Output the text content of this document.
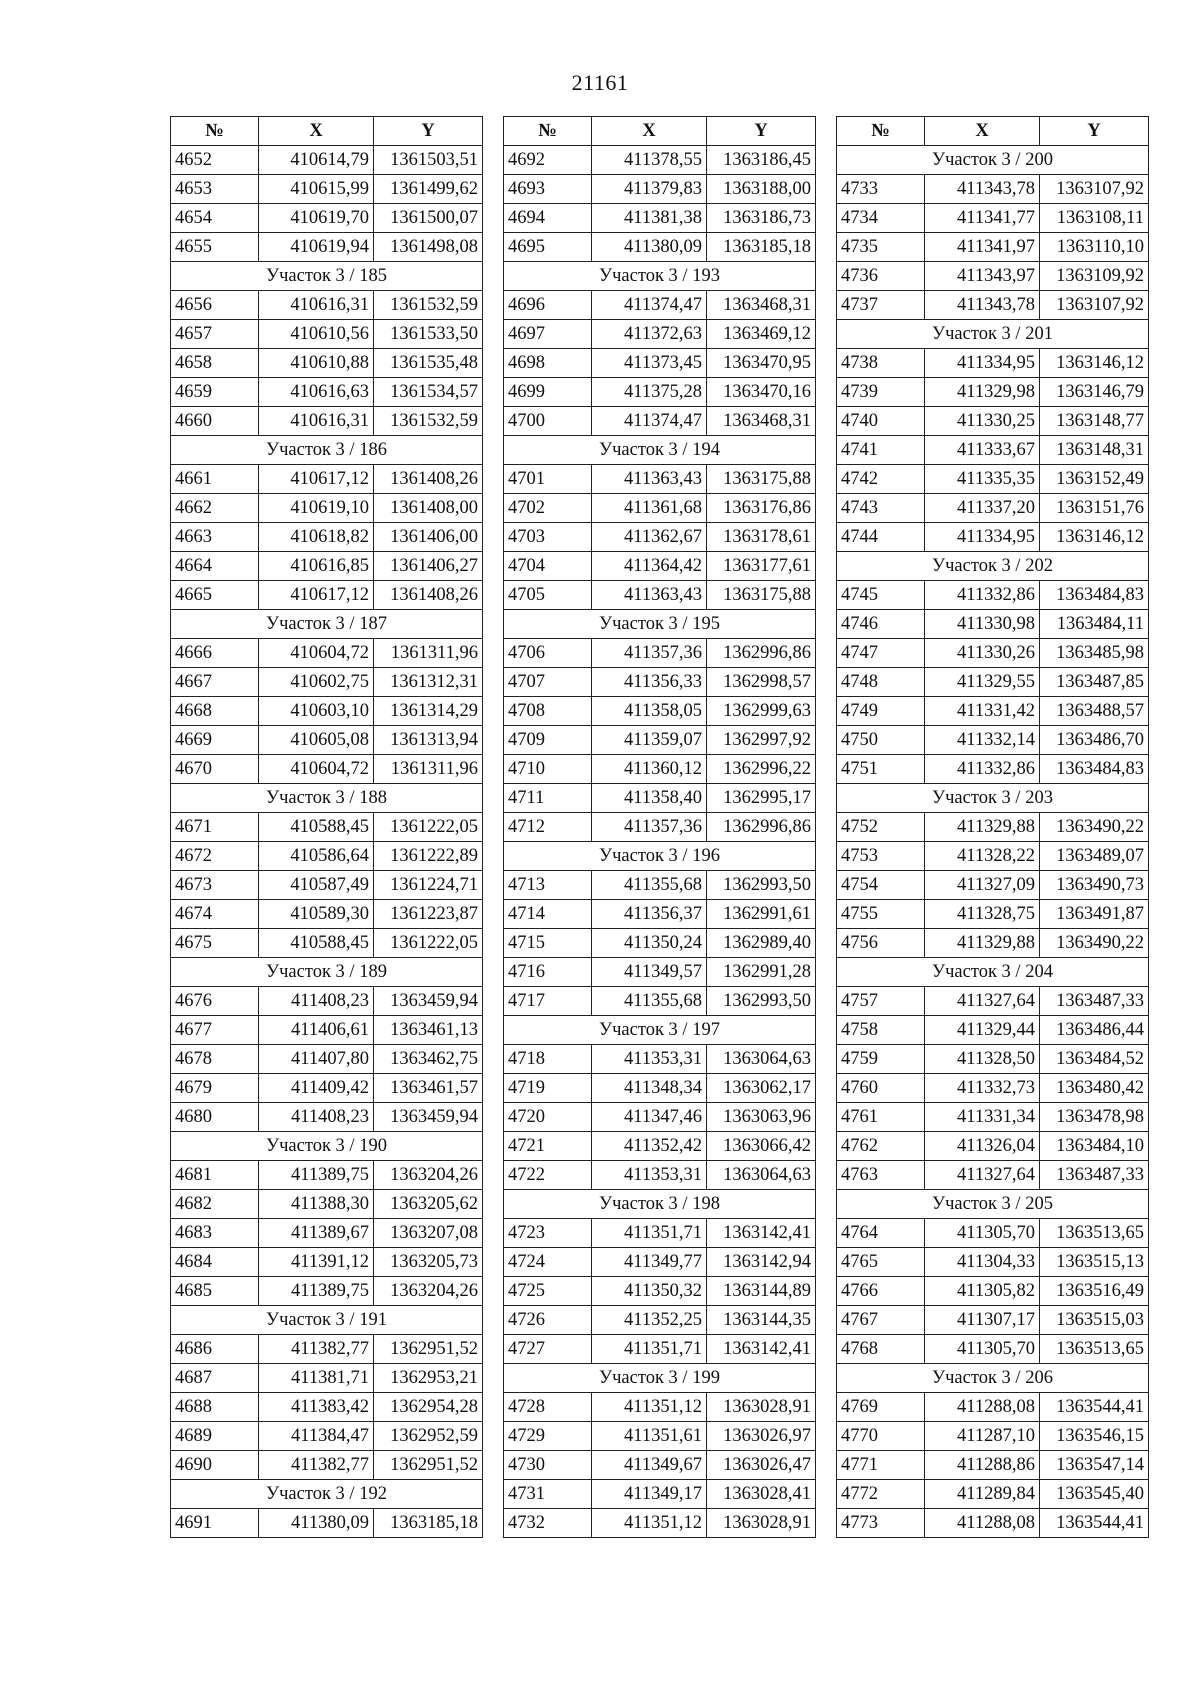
21161
№	X	Y
4652	410614,79	1361503,51
4653	410615,99	1361499,62
4654	410619,70	1361500,07
4655	410619,94	1361498,08
Участок 3 / 185		
4656	410616,31	1361532,59
4657	410610,56	1361533,50
4658	410610,88	1361535,48
4659	410616,63	1361534,57
4660	410616,31	1361532,59
Участок 3 / 186		
4661	410617,12	1361408,26
4662	410619,10	1361408,00
4663	410618,82	1361406,00
4664	410616,85	1361406,27
4665	410617,12	1361408,26
Участок 3 / 187		
4666	410604,72	1361311,96
4667	410602,75	1361312,31
4668	410603,10	1361314,29
4669	410605,08	1361313,94
4670	410604,72	1361311,96
Участок 3 / 188		
4671	410588,45	1361222,05
4672	410586,64	1361222,89
4673	410587,49	1361224,71
4674	410589,30	1361223,87
4675	410588,45	1361222,05
Участок 3 / 189		
4676	411408,23	1363459,94
4677	411406,61	1363461,13
4678	411407,80	1363462,75
4679	411409,42	1363461,57
4680	411408,23	1363459,94
Участок 3 / 190		
4681	411389,75	1363204,26
4682	411388,30	1363205,62
4683	411389,67	1363207,08
4684	411391,12	1363205,73
4685	411389,75	1363204,26
Участок 3 / 191		
4686	411382,77	1362951,52
4687	411381,71	1362953,21
4688	411383,42	1362954,28
4689	411384,47	1362952,59
4690	411382,77	1362951,52
Участок 3 / 192		
4691	411380,09	1363185,18
№	X	Y
4692	411378,55	1363186,45
4693	411379,83	1363188,00
4694	411381,38	1363186,73
4695	411380,09	1363185,18
Участок 3 / 193		
4696	411374,47	1363468,31
4697	411372,63	1363469,12
4698	411373,45	1363470,95
4699	411375,28	1363470,16
4700	411374,47	1363468,31
Участок 3 / 194		
4701	411363,43	1363175,88
4702	411361,68	1363176,86
4703	411362,67	1363178,61
4704	411364,42	1363177,61
4705	411363,43	1363175,88
Участок 3 / 195		
4706	411357,36	1362996,86
4707	411356,33	1362998,57
4708	411358,05	1362999,63
4709	411359,07	1362997,92
4710	411360,12	1362996,22
4711	411358,40	1362995,17
4712	411357,36	1362996,86
Участок 3 / 196		
4713	411355,68	1362993,50
4714	411356,37	1362991,61
4715	411350,24	1362989,40
4716	411349,57	1362991,28
4717	411355,68	1362993,50
Участок 3 / 197		
4718	411353,31	1363064,63
4719	411348,34	1363062,17
4720	411347,46	1363063,96
4721	411352,42	1363066,42
4722	411353,31	1363064,63
Участок 3 / 198		
4723	411351,71	1363142,41
4724	411349,77	1363142,94
4725	411350,32	1363144,89
4726	411352,25	1363144,35
4727	411351,71	1363142,41
Участок 3 / 199		
4728	411351,12	1363028,91
4729	411351,61	1363026,97
4730	411349,67	1363026,47
4731	411349,17	1363028,41
4732	411351,12	1363028,91
№	X	Y
Участок 3 / 200		
4733	411343,78	1363107,92
4734	411341,77	1363108,11
4735	411341,97	1363110,10
4736	411343,97	1363109,92
4737	411343,78	1363107,92
Участок 3 / 201		
4738	411334,95	1363146,12
4739	411329,98	1363146,79
4740	411330,25	1363148,77
4741	411333,67	1363148,31
4742	411335,35	1363152,49
4743	411337,20	1363151,76
4744	411334,95	1363146,12
Участок 3 / 202		
4745	411332,86	1363484,83
4746	411330,98	1363484,11
4747	411330,26	1363485,98
4748	411329,55	1363487,85
4749	411331,42	1363488,57
4750	411332,14	1363486,70
4751	411332,86	1363484,83
Участок 3 / 203		
4752	411329,88	1363490,22
4753	411328,22	1363489,07
4754	411327,09	1363490,73
4755	411328,75	1363491,87
4756	411329,88	1363490,22
Участок 3 / 204		
4757	411327,64	1363487,33
4758	411329,44	1363486,44
4759	411328,50	1363484,52
4760	411332,73	1363480,42
4761	411331,34	1363478,98
4762	411326,04	1363484,10
4763	411327,64	1363487,33
Участок 3 / 205		
4764	411305,70	1363513,65
4765	411304,33	1363515,13
4766	411305,82	1363516,49
4767	411307,17	1363515,03
4768	411305,70	1363513,65
Участок 3 / 206		
4769	411288,08	1363544,41
4770	411287,10	1363546,15
4771	411288,86	1363547,14
4772	411289,84	1363545,40
4773	411288,08	1363544,41
